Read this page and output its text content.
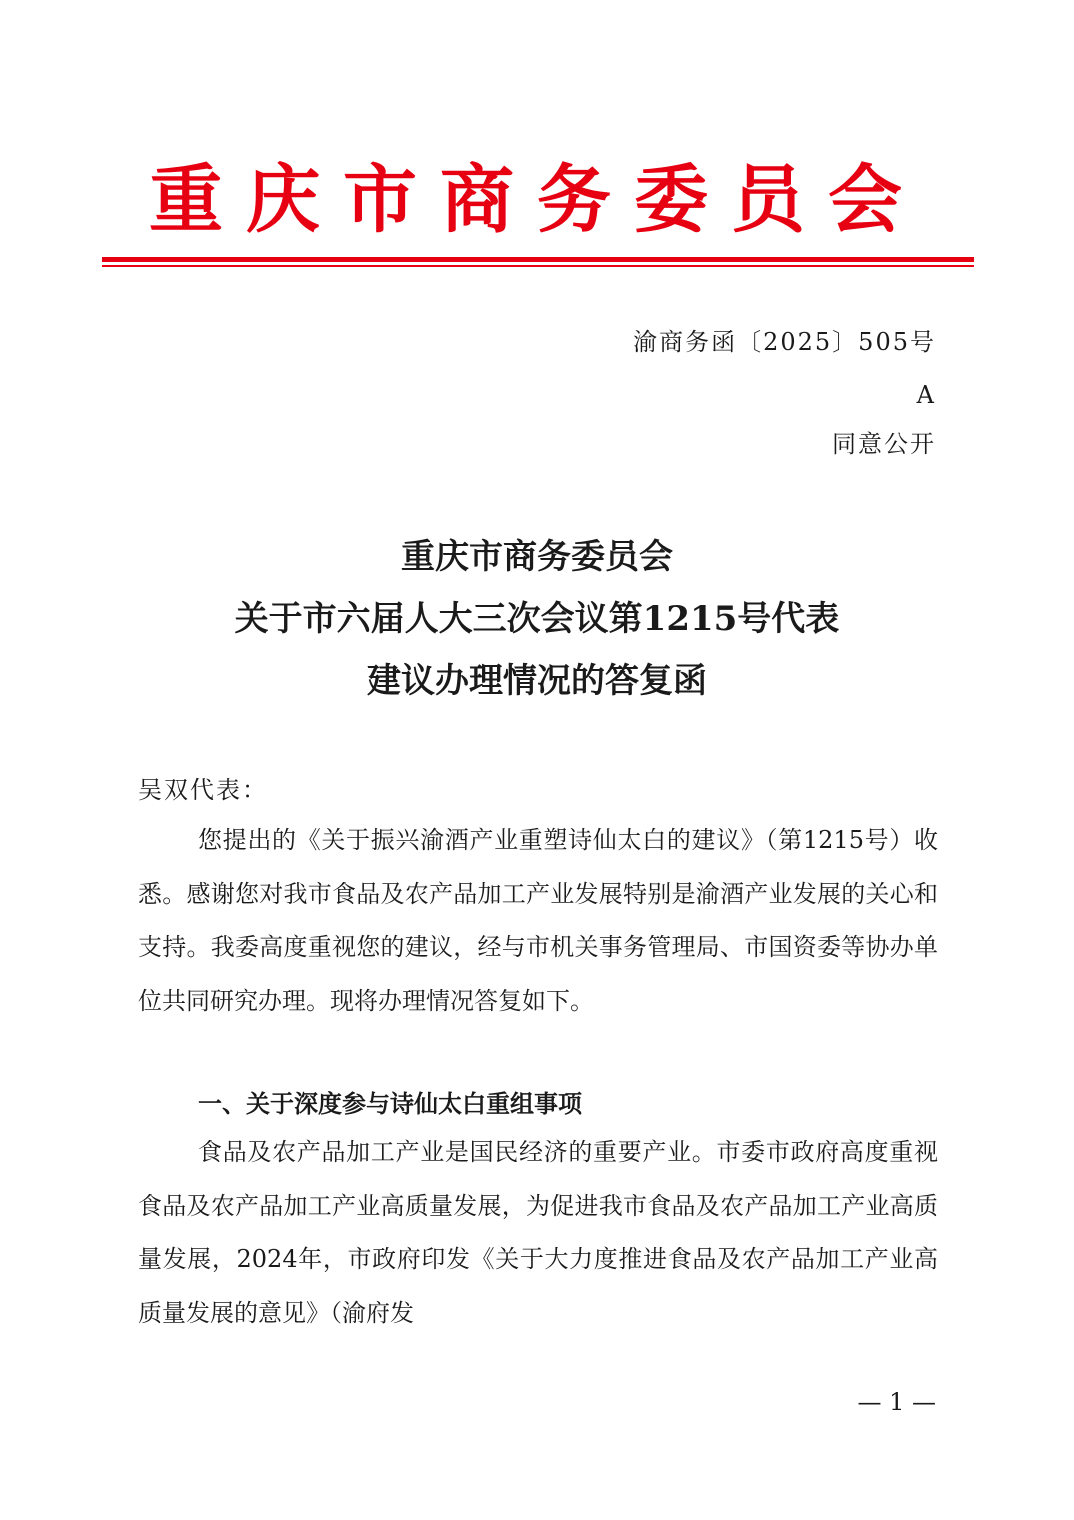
重庆市商务委员会
渝商务函〔2025〕505号
A
同意公开
重庆市商务委员会
关于市六届人大三次会议第1215号代表
建议办理情况的答复函
吴双代表：
您提出的《关于振兴渝酒产业重塑诗仙太白的建议》（第1215号）收悉。感谢您对我市食品及农产品加工产业发展特别是渝酒产业发展的关心和支持。我委高度重视您的建议，经与市机关事务管理局、市国资委等协办单位共同研究办理。现将办理情况答复如下。
一、关于深度参与诗仙太白重组事项
食品及农产品加工产业是国民经济的重要产业。市委市政府高度重视食品及农产品加工产业高质量发展，为促进我市食品及农产品加工产业高质量发展，2024年，市政府印发《关于大力度推进食品及农产品加工产业高质量发展的意见》（渝府发
— 1 —
